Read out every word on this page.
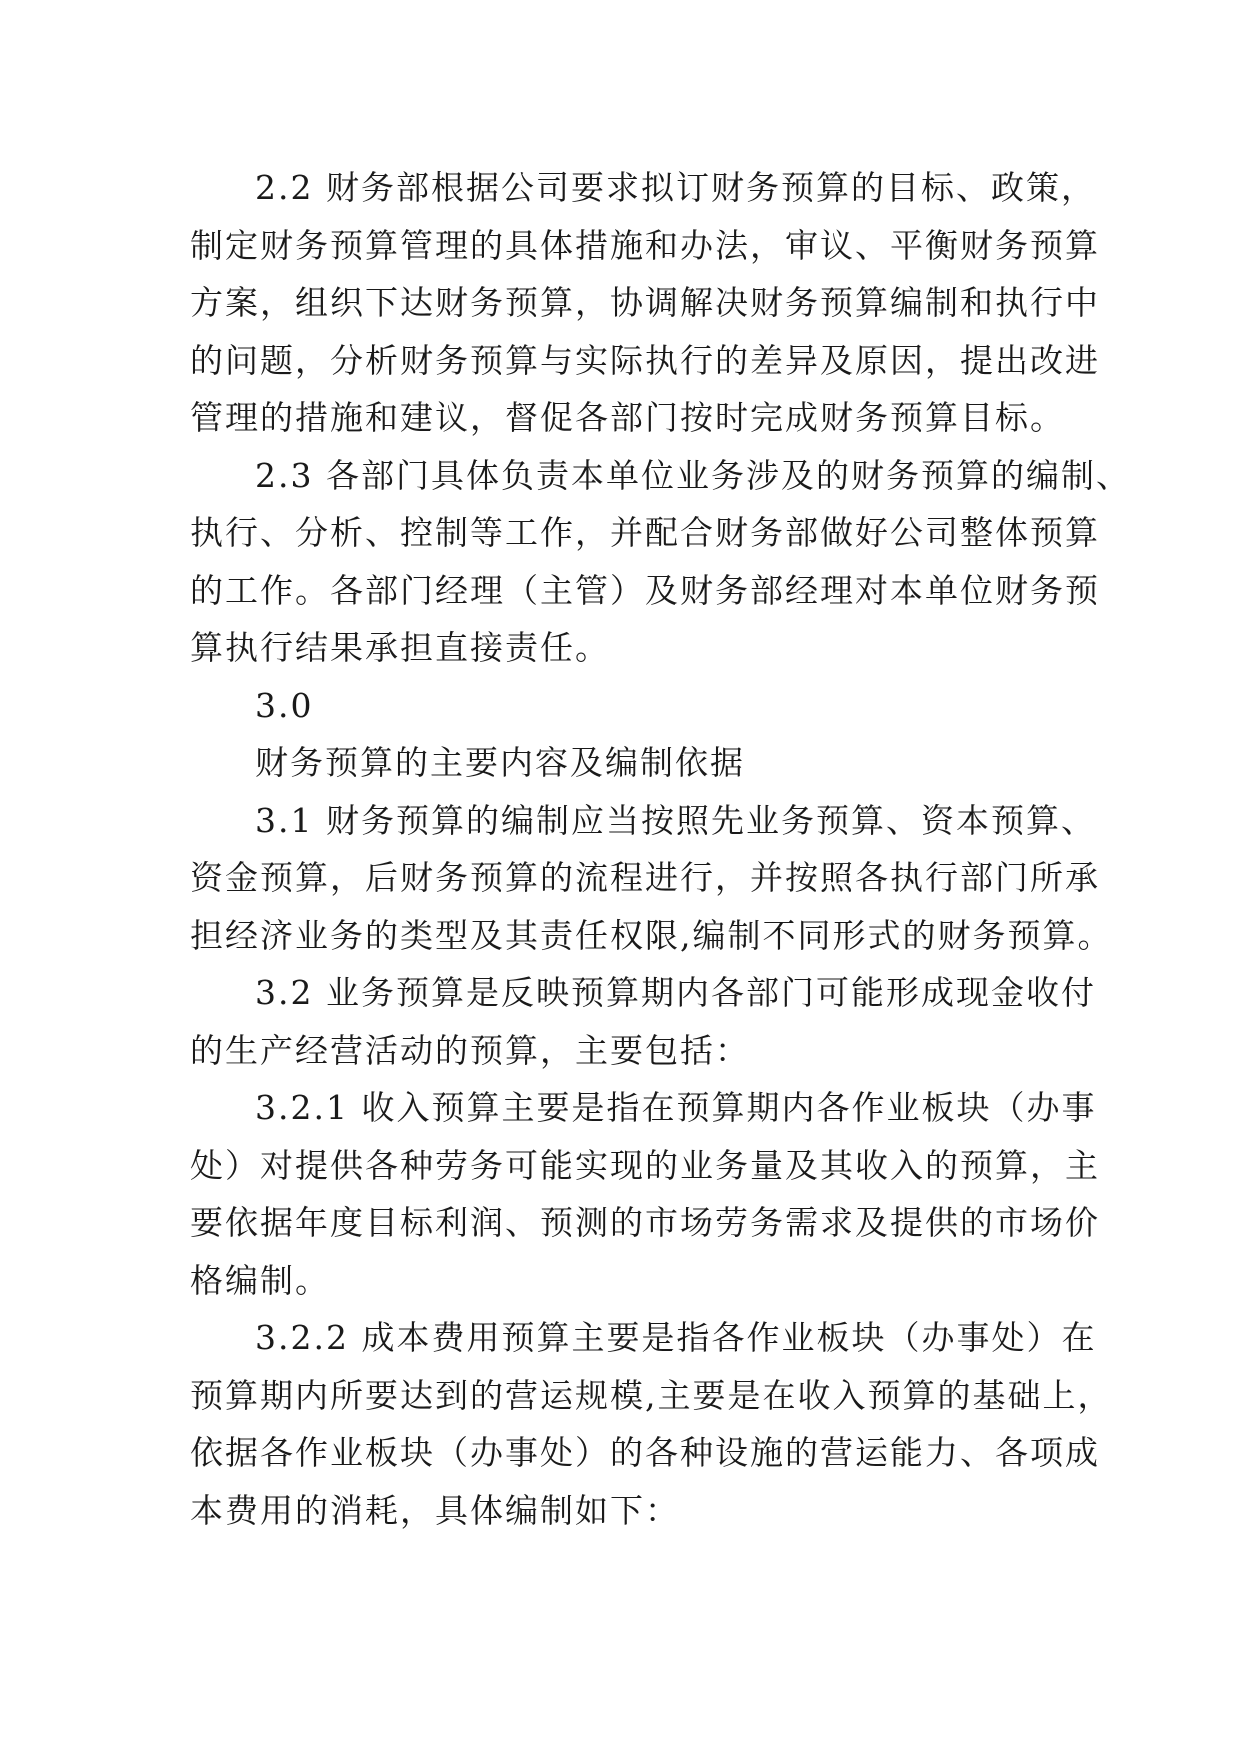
2.2 财务部根据公司要求拟订财务预算的目标、政策，
制定财务预算管理的具体措施和办法，审议、平衡财务预算
方案，组织下达财务预算，协调解决财务预算编制和执行中
的问题，分析财务预算与实际执行的差异及原因，提出改进
管理的措施和建议，督促各部门按时完成财务预算目标。
2.3 各部门具体负责本单位业务涉及的财务预算的编制、
执行、分析、控制等工作，并配合财务部做好公司整体预算
的工作。各部门经理（主管）及财务部经理对本单位财务预
算执行结果承担直接责任。
3.0
财务预算的主要内容及编制依据
3.1 财务预算的编制应当按照先业务预算、资本预算、
资金预算，后财务预算的流程进行，并按照各执行部门所承
担经济业务的类型及其责任权限,编制不同形式的财务预算。
3.2 业务预算是反映预算期内各部门可能形成现金收付
的生产经营活动的预算，主要包括：
3.2.1 收入预算主要是指在预算期内各作业板块（办事
处）对提供各种劳务可能实现的业务量及其收入的预算，主
要依据年度目标利润、预测的市场劳务需求及提供的市场价
格编制。
3.2.2 成本费用预算主要是指各作业板块（办事处）在
预算期内所要达到的营运规模,主要是在收入预算的基础上，
依据各作业板块（办事处）的各种设施的营运能力、各项成
本费用的消耗，具体编制如下：
